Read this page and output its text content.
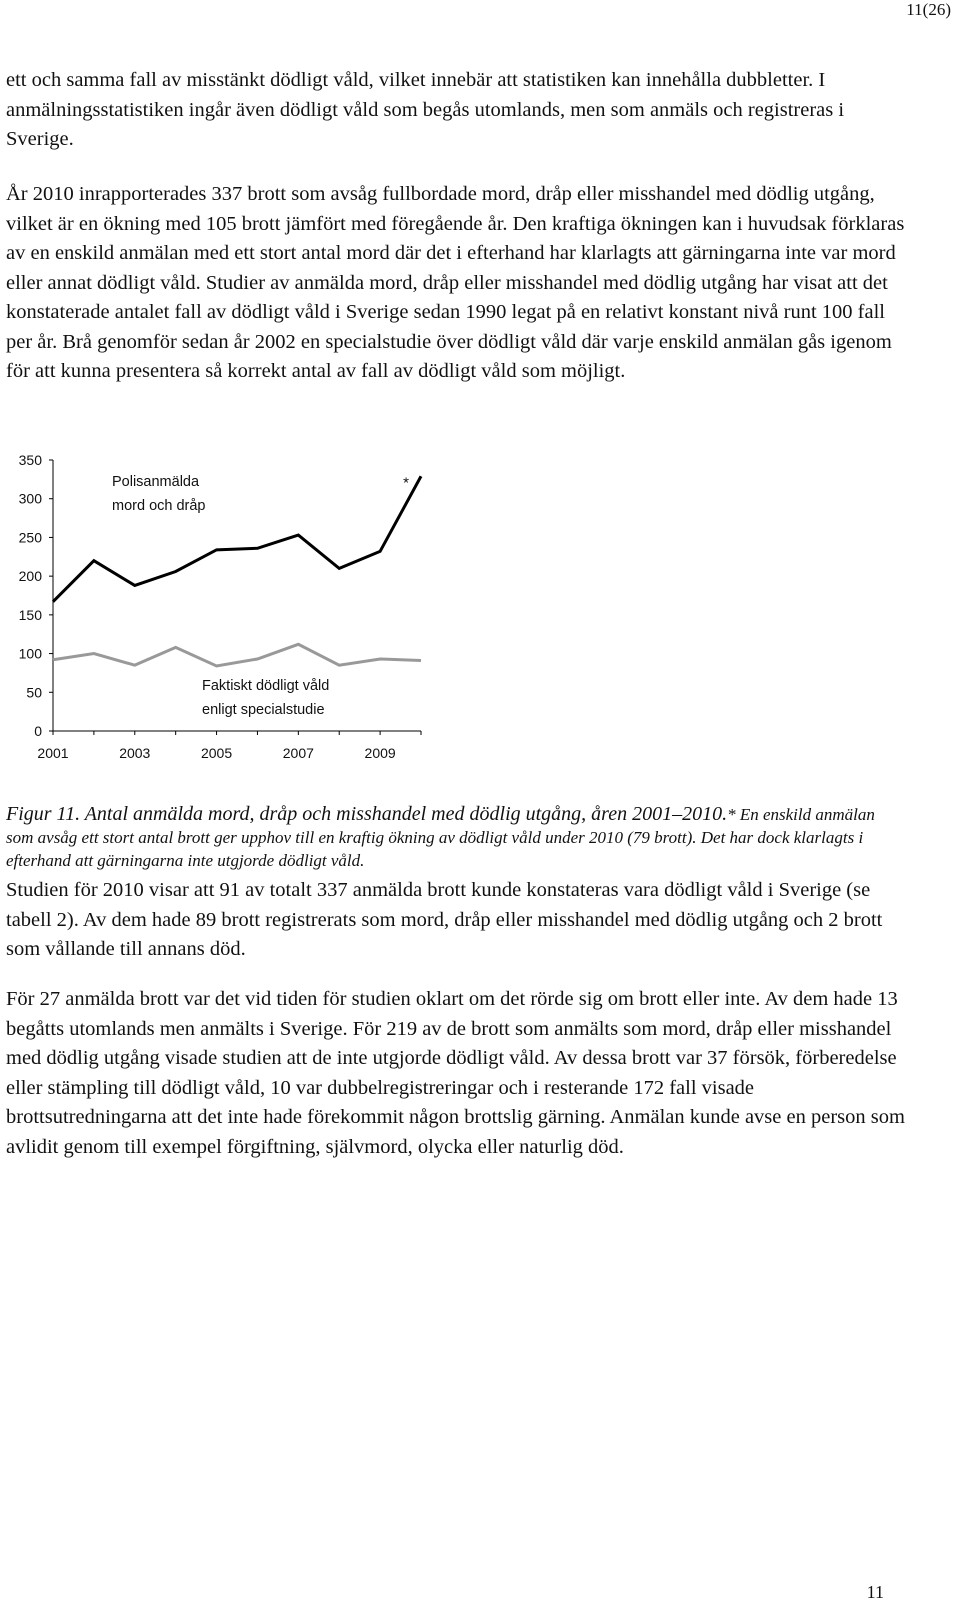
11(26)

ett och samma fall av misstänkt dödligt våld, vilket innebär att statistiken kan innehålla dubbletter. I anmälningsstatistiken ingår även dödligt våld som begås utomlands, men som anmäls och registreras i Sverige.

År 2010 inrapporterades 337 brott som avsåg fullbordade mord, dråp eller misshandel med dödlig utgång, vilket är en ökning med 105 brott jämfört med föregående år. Den kraftiga ökningen kan i huvudsak förklaras av en enskild anmälan med ett stort antal mord där det i efterhand har klarlagts att gärningarna inte var mord eller annat dödligt våld. Studier av anmälda mord, dråp eller misshandel med dödlig utgång har visat att det konstaterade antalet fall av dödligt våld i Sverige sedan 1990 legat på en relativt konstant nivå runt 100 fall per år. Brå genomför sedan år 2002 en specialstudie över dödligt våld där varje enskild anmälan gås igenom för att kunna presentera så korrekt antal av fall av dödligt våld som möjligt.

0
50
100
150
200
250
300
350
2001	2003	2005	2007	2009
Polisanmälda
mord och dråp
Faktiskt dödligt våld
enligt specialstudie
*

Figur 11. Antal anmälda mord, dråp och misshandel med dödlig utgång, åren 2001–2010.* En enskild anmälan som avsåg ett stort antal brott ger upphov till en kraftig ökning av dödligt våld under 2010 (79 brott). Det har dock klarlagts i efterhand att gärningarna inte utgjorde dödligt våld.

Studien för 2010 visar att 91 av totalt 337 anmälda brott kunde konstateras vara dödligt våld i Sverige (se tabell 2). Av dem hade 89 brott registrerats som mord, dråp eller misshandel med dödlig utgång och 2 brott som vållande till annans död.

För 27 anmälda brott var det vid tiden för studien oklart om det rörde sig om brott eller inte. Av dem hade 13 begåtts utomlands men anmälts i Sverige. För 219 av de brott som anmälts som mord, dråp eller misshandel med dödlig utgång visade studien att de inte utgjorde dödligt våld. Av dessa brott var 37 försök, förberedelse eller stämpling till dödligt våld, 10 var dubbelregistreringar och i resterande 172 fall visade brottsutredningarna att det inte hade förekommit någon brottslig gärning. Anmälan kunde avse en person som avlidit genom till exempel förgiftning, självmord, olycka eller naturlig död.

11
